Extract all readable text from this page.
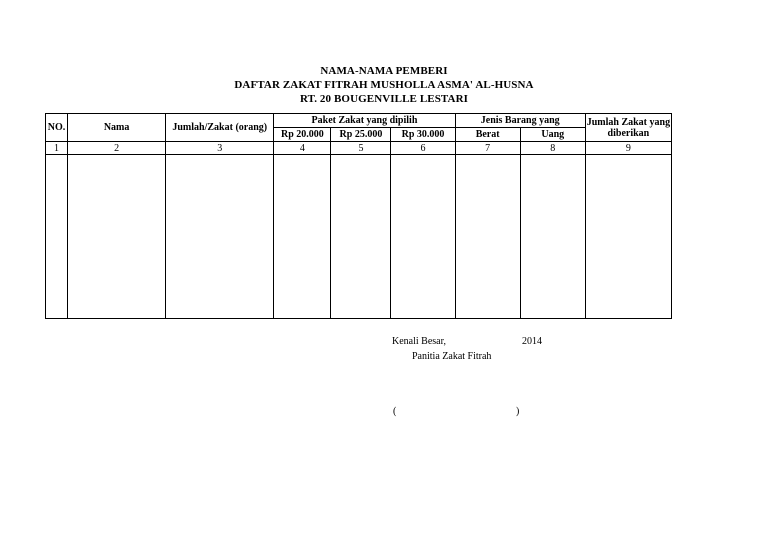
NAMA-NAMA PEMBERI
DAFTAR ZAKAT FITRAH MUSHOLLA ASMA' AL-HUSNA
RT. 20 BOUGENVILLE LESTARI
NO.	Nama	Jumlah/Zakat (orang)	Paket Zakat yang dipilih			Jenis Barang yang		Jumlah Zakat yang diberikan
			Rp 20.000	Rp 25.000	Rp 30.000	Berat	Uang	
1	2	3	4	5	6	7	8	9

Kenali Besar,	2014
Panitia Zakat Fitrah
(	)
